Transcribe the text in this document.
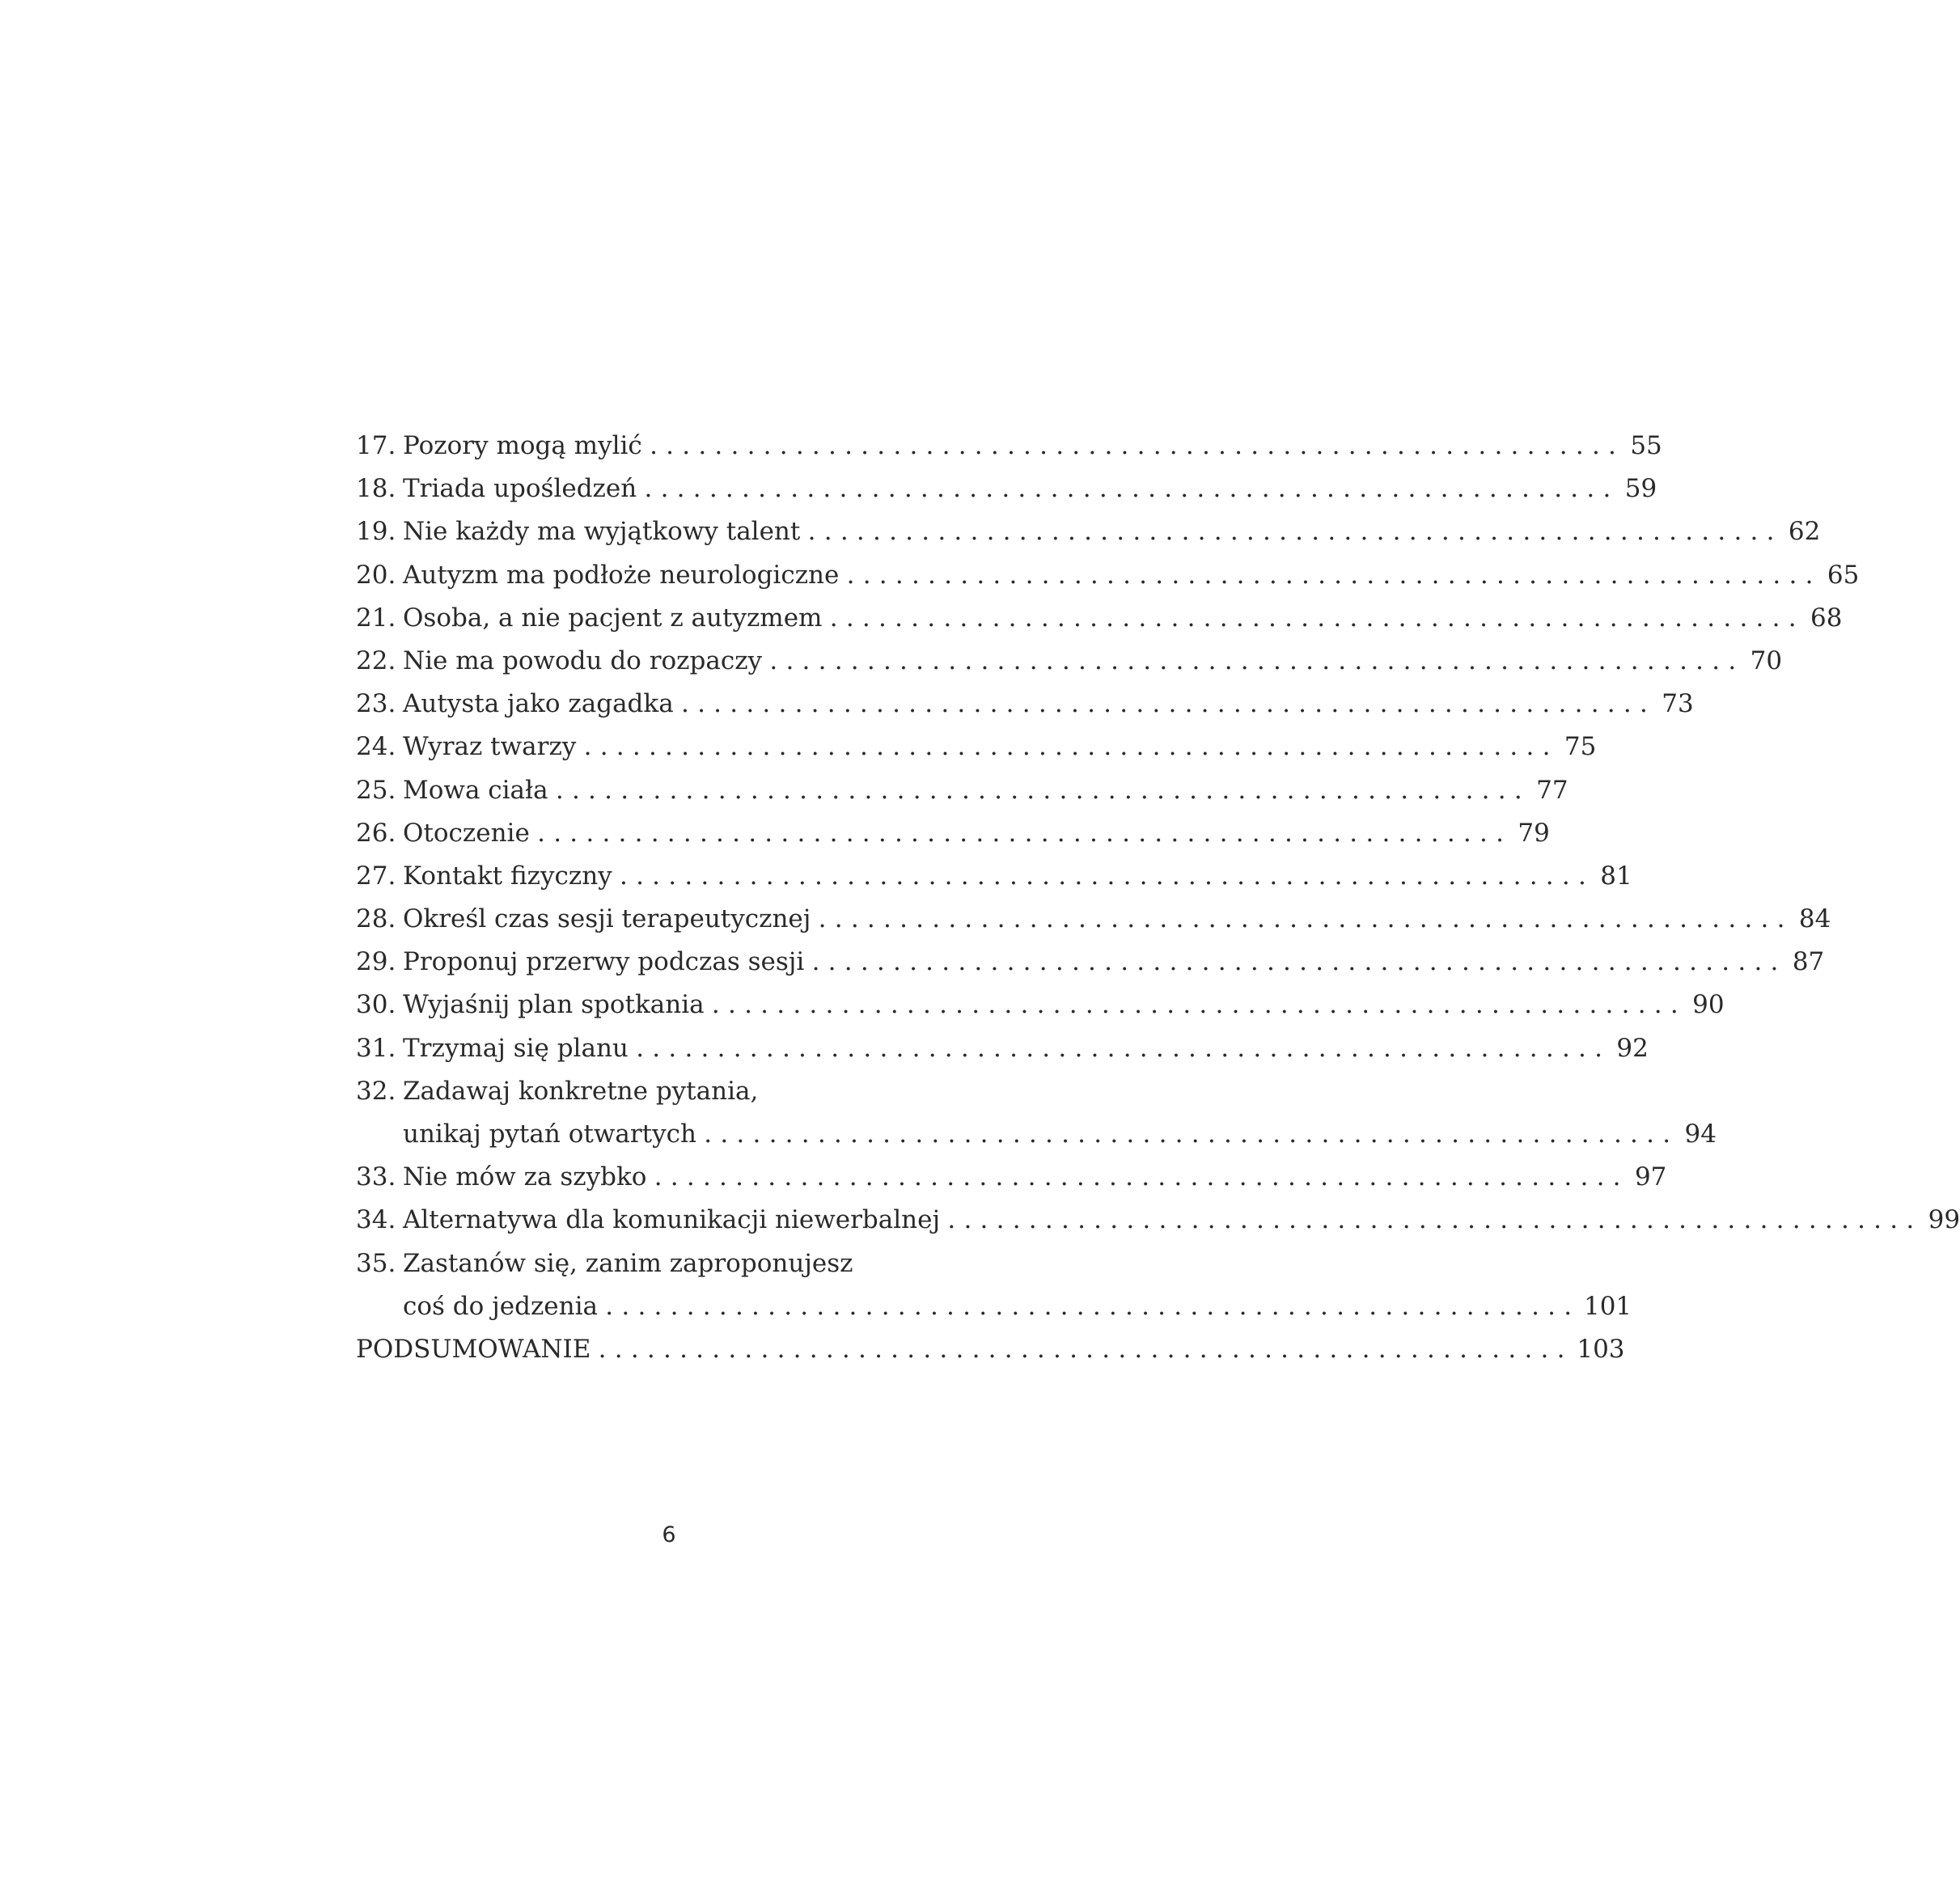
17. Pozory mogą mylić ............................................................ 55
18. Triada upośledzeń ............................................................ 59
19. Nie każdy ma wyjątkowy talent ............................................................ 62
20. Autyzm ma podłoże neurologiczne ............................................................ 65
21. Osoba, a nie pacjent z autyzmem ............................................................ 68
22. Nie ma powodu do rozpaczy ............................................................ 70
23. Autysta jako zagadka ............................................................ 73
24. Wyraz twarzy ............................................................ 75
25. Mowa ciała ............................................................ 77
26. Otoczenie ............................................................ 79
27. Kontakt fizyczny ............................................................ 81
28. Określ czas sesji terapeutycznej ............................................................ 84
29. Proponuj przerwy podczas sesji ............................................................ 87
30. Wyjaśnij plan spotkania ............................................................ 90
31. Trzymaj się planu ............................................................ 92
32. Zadawaj konkretne pytania,
unikaj pytań otwartych ............................................................ 94
33. Nie mów za szybko ............................................................ 97
34. Alternatywa dla komunikacji niewerbalnej ............................................................ 99
35. Zastanów się, zanim zaproponujesz
coś do jedzenia ............................................................ 101
PODSUMOWANIE ............................................................ 103
6
